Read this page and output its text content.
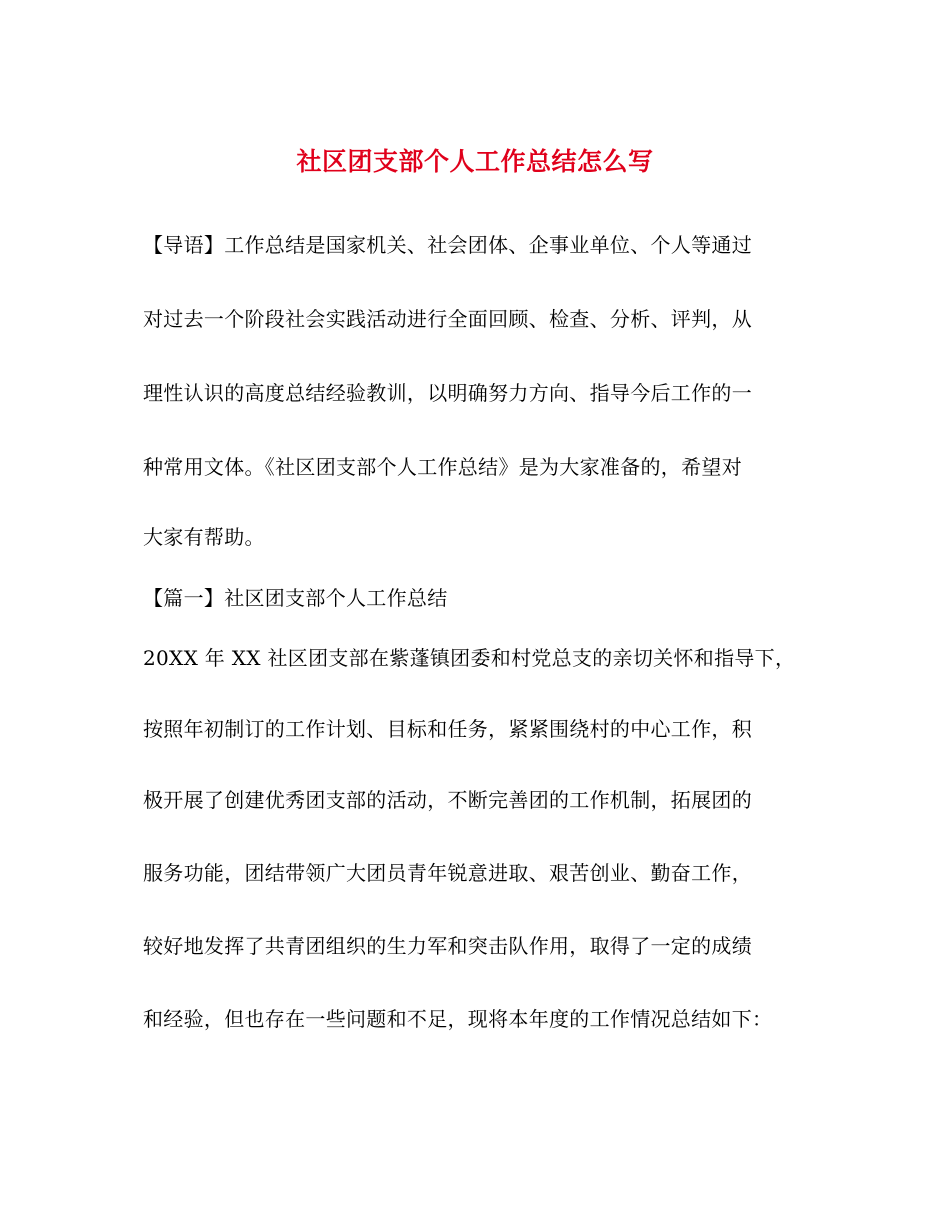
社区团支部个人工作总结怎么写
【导语】工作总结是国家机关、社会团体、企事业单位、个人等通过
对过去一个阶段社会实践活动进行全面回顾、检查、分析、评判，从
理性认识的高度总结经验教训，以明确努力方向、指导今后工作的一
种常用文体。《社区团支部个人工作总结》是为大家准备的，希望对
大家有帮助。
【篇一】社区团支部个人工作总结
20XX 年 XX 社区团支部在紫蓬镇团委和村党总支的亲切关怀和指导下，
按照年初制订的工作计划、目标和任务，紧紧围绕村的中心工作，积
极开展了创建优秀团支部的活动，不断完善团的工作机制，拓展团的
服务功能，团结带领广大团员青年锐意进取、艰苦创业、勤奋工作，
较好地发挥了共青团组织的生力军和突击队作用，取得了一定的成绩
和经验，但也存在一些问题和不足，现将本年度的工作情况总结如下：
